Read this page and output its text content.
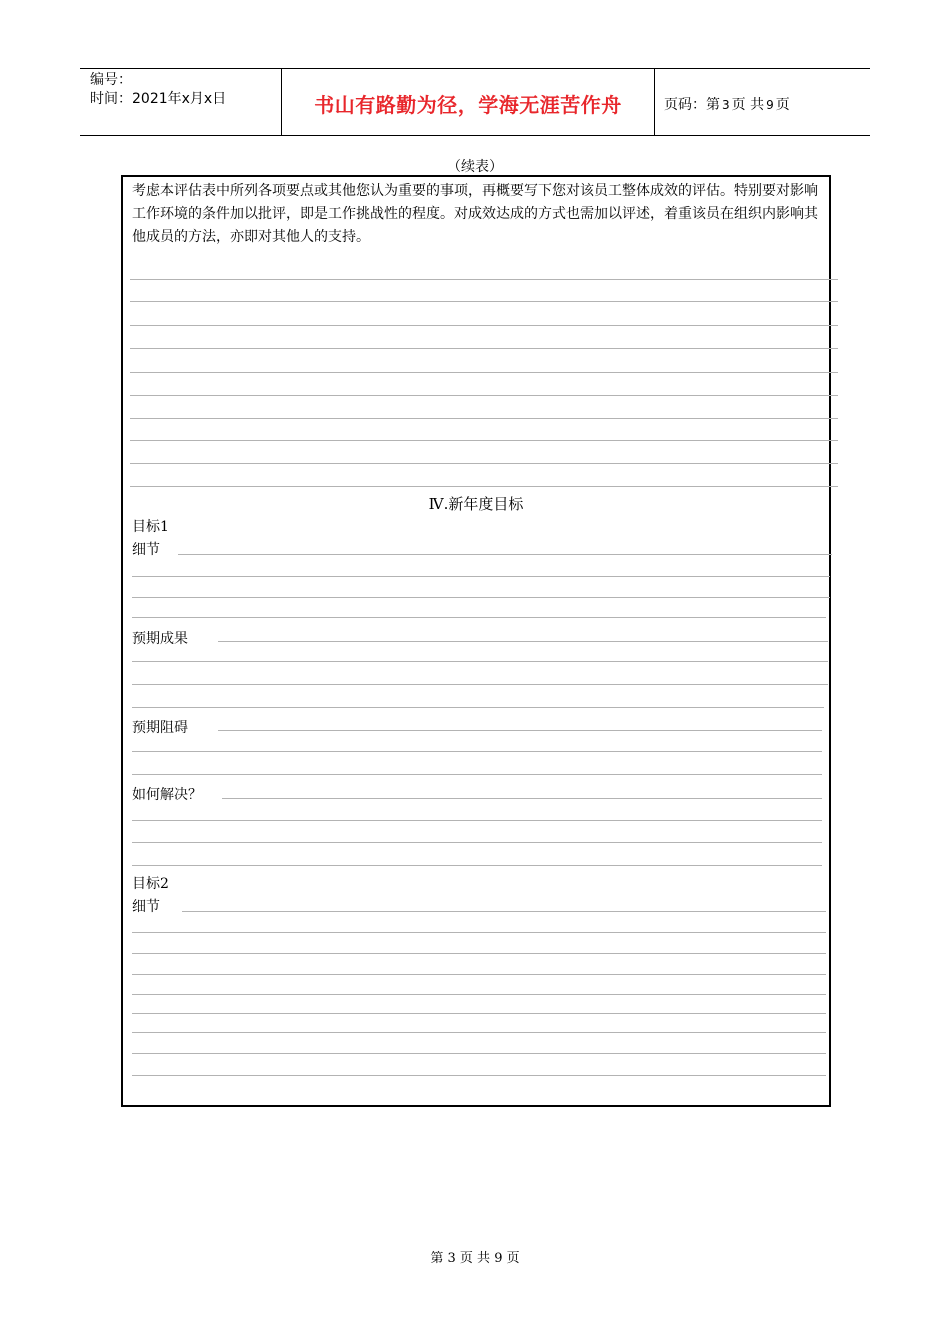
编号：
时间：2021年x月x日	书山有路勤为径，学海无涯苦作舟	页码：第 3 页 共 9 页
（续表）
考虑本评估表中所列各项要点或其他您认为重要的事项，再概要写下您对该员工整体成效的评估。特别要对影响工作环境的条件加以批评，即是工作挑战性的程度。对成效达成的方式也需加以评述，着重该员在组织内影响其他成员的方法，亦即对其他人的支持。
Ⅳ.新年度目标
目标1
细节
预期成果
预期阻碍
如何解决？
目标2
细节
第 3 页 共 9 页
